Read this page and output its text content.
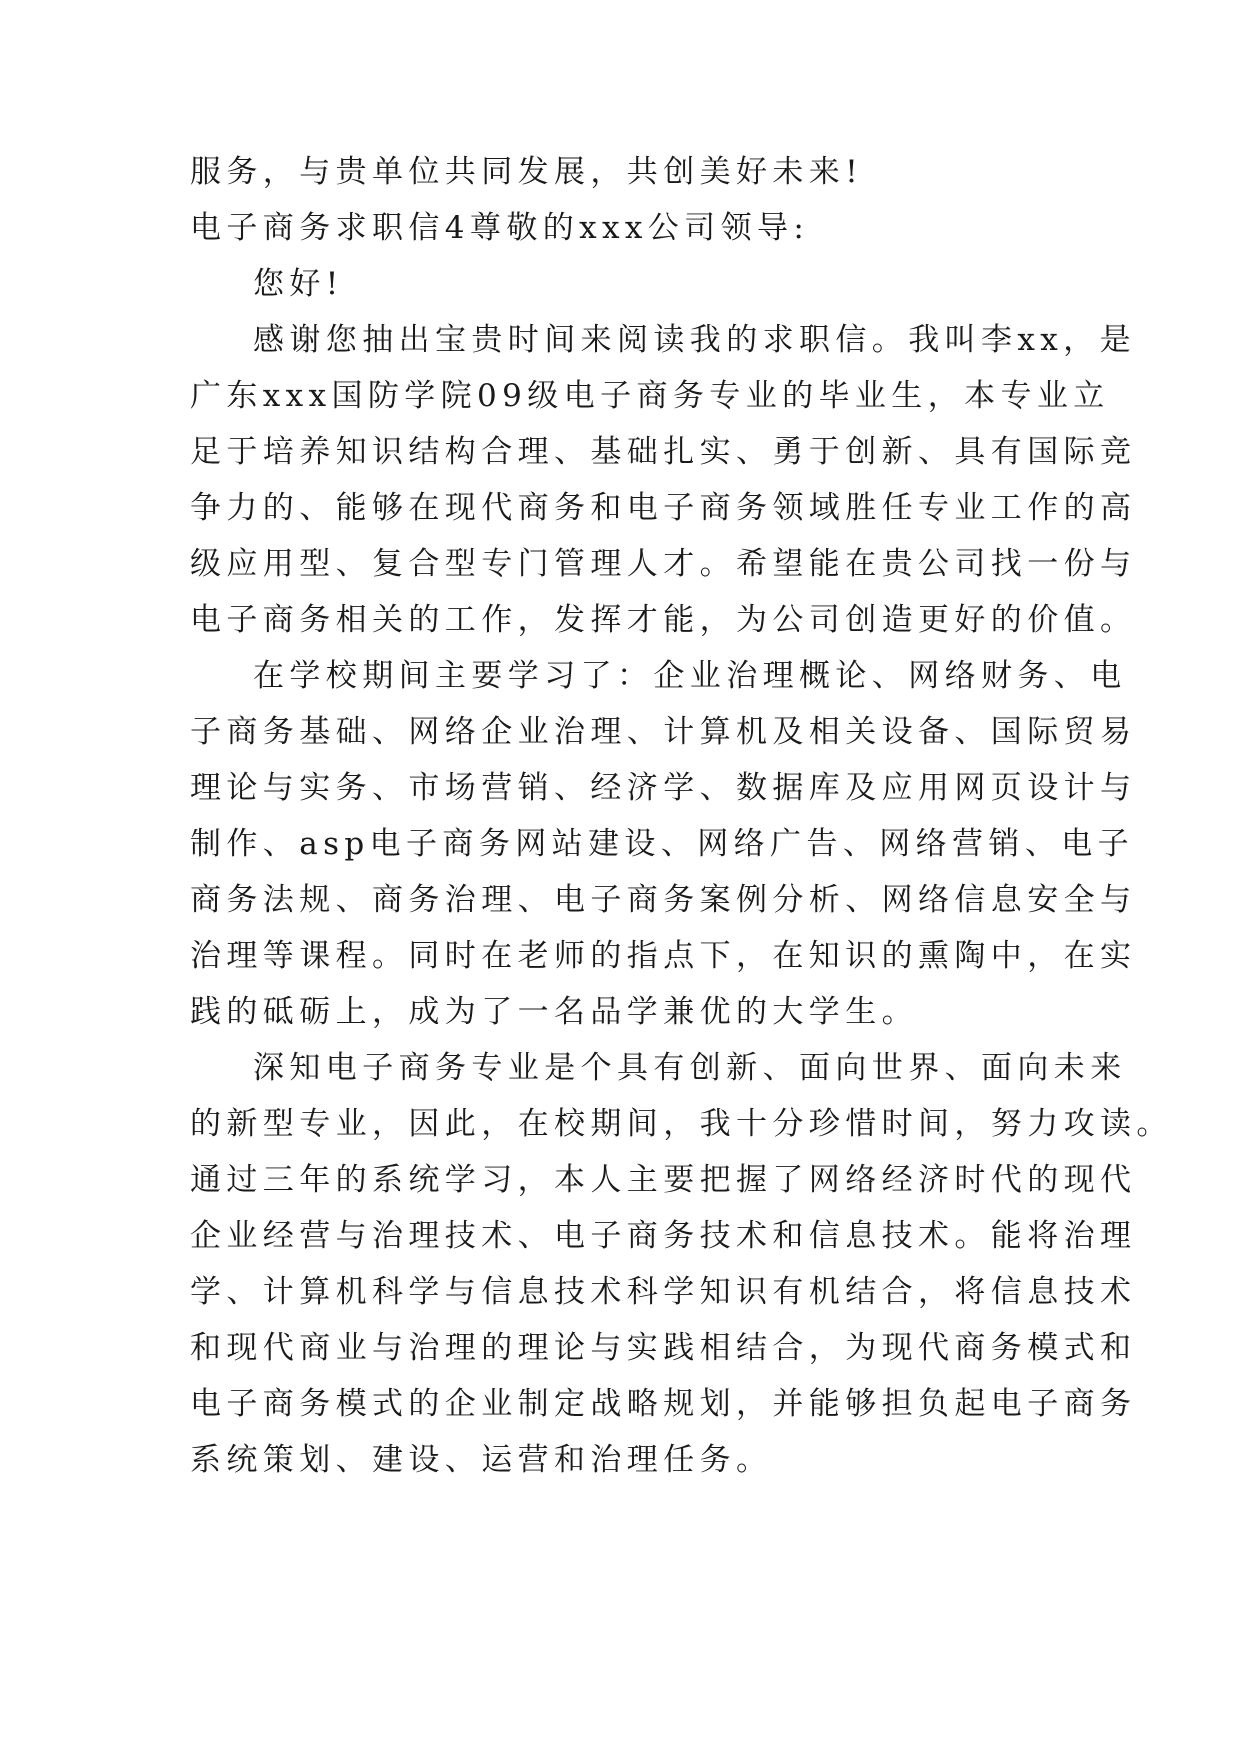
服务，与贵单位共同发展，共创美好未来!
电子商务求职信4尊敬的xxx公司领导:
您好!
感谢您抽出宝贵时间来阅读我的求职信。我叫李xx，是
广东xxx国防学院09级电子商务专业的毕业生，本专业立
足于培养知识结构合理、基础扎实、勇于创新、具有国际竞
争力的、能够在现代商务和电子商务领域胜任专业工作的高
级应用型、复合型专门管理人才。希望能在贵公司找一份与
电子商务相关的工作，发挥才能，为公司创造更好的价值。
在学校期间主要学习了：企业治理概论、网络财务、电
子商务基础、网络企业治理、计算机及相关设备、国际贸易
理论与实务、市场营销、经济学、数据库及应用网页设计与
制作、asp电子商务网站建设、网络广告、网络营销、电子
商务法规、商务治理、电子商务案例分析、网络信息安全与
治理等课程。同时在老师的指点下，在知识的熏陶中，在实
践的砥砺上，成为了一名品学兼优的大学生。
深知电子商务专业是个具有创新、面向世界、面向未来
的新型专业，因此，在校期间，我十分珍惜时间，努力攻读。
通过三年的系统学习，本人主要把握了网络经济时代的现代
企业经营与治理技术、电子商务技术和信息技术。能将治理
学、计算机科学与信息技术科学知识有机结合，将信息技术
和现代商业与治理的理论与实践相结合，为现代商务模式和
电子商务模式的企业制定战略规划，并能够担负起电子商务
系统策划、建设、运营和治理任务。
